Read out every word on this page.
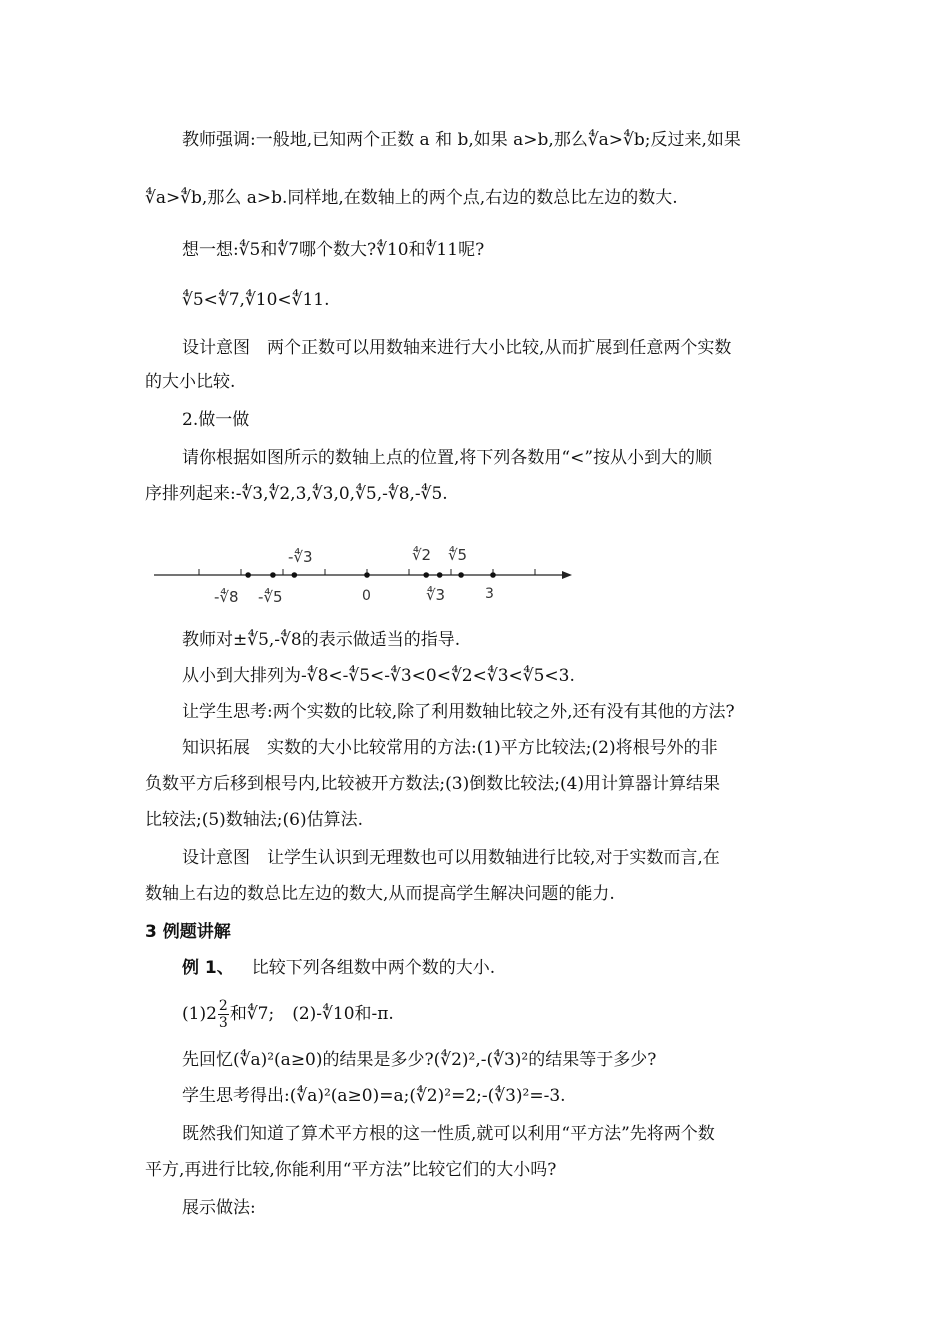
教师强调:一般地,已知两个正数 a 和 b,如果 a>b,那么∜a>∜b;反过来,如果
∜a>∜b,那么 a>b.同样地,在数轴上的两个点,右边的数总比左边的数大.
想一想:∜5和∜7哪个数大?∜10和∜11呢?
∜5<∜7,∜10<∜11.
设计意图　两个正数可以用数轴来进行大小比较,从而扩展到任意两个实数
的大小比较.
2.做一做
请你根据如图所示的数轴上点的位置,将下列各数用“<”按从小到大的顺
序排列起来:-∜3,∜2,3,∜3,0,∜5,-∜8,-∜5.
-∜3	∜2 ∜5
-∜8 -∜5	0	∜3	3
教师对±∜5,-∜8的表示做适当的指导.
从小到大排列为-∜8<-∜5<-∜3<0<∜2<∜3<∜5<3.
让学生思考:两个实数的比较,除了利用数轴比较之外,还有没有其他的方法?
知识拓展　实数的大小比较常用的方法:(1)平方比较法;(2)将根号外的非
负数平方后移到根号内,比较被开方数法;(3)倒数比较法;(4)用计算器计算结果
比较法;(5)数轴法;(6)估算法.
设计意图　让学生认识到无理数也可以用数轴进行比较,对于实数而言,在
数轴上右边的数总比左边的数大,从而提高学生解决问题的能力.
3 例题讲解
例 1、 比较下列各组数中两个数的大小.
$(1)2 \frac{2}{3}$ 和∜7; (2)-∜10和-π.
先回忆(∜a)²(a≥0)的结果是多少?(∜2)²,-(∜3)²的结果等于多少?
学生思考得出:(∜a)²(a≥0)=a;(∜2)²=2;-(∜3)²=-3.
既然我们知道了算术平方根的这一性质,就可以利用“平方法”先将两个数
平方,再进行比较,你能利用“平方法”比较它们的大小吗?
展示做法:
